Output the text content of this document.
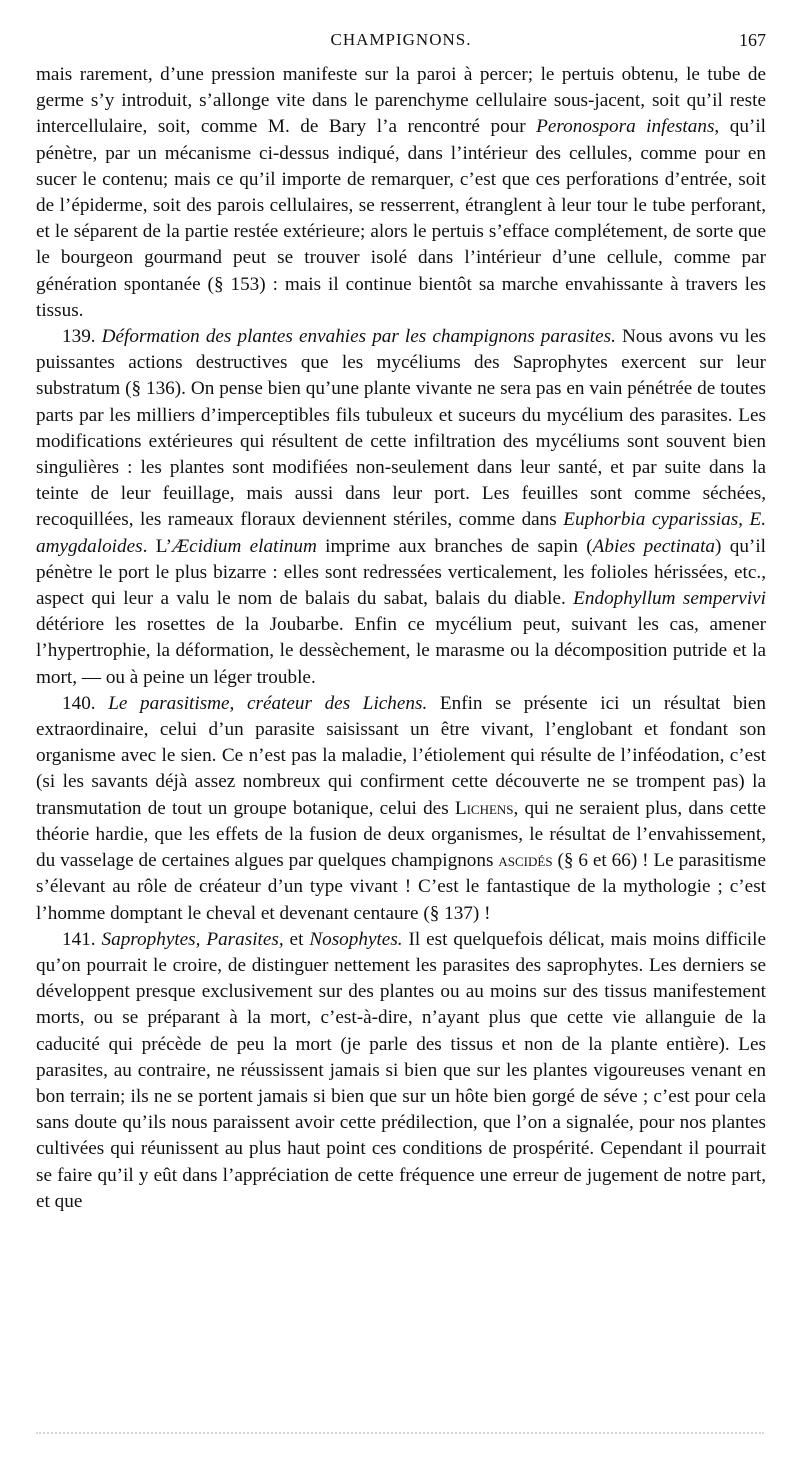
CHAMPIGNONS.	167

mais rarement, d’une pression manifeste sur la paroi à percer; le pertuis obtenu, le tube de germe s’y introduit, s’allonge vite dans le parenchyme cellulaire sous-jacent, soit qu’il reste intercellulaire, soit, comme M. de Bary l’a rencontré pour Peronospora infestans, qu’il pénètre, par un mécanisme ci-dessus indiqué, dans l’intérieur des cellules, comme pour en sucer le contenu; mais ce qu’il importe de remarquer, c’est que ces perforations d’entrée, soit de l’épiderme, soit des parois cellulaires, se resserrent, étranglent à leur tour le tube perforant, et le séparent de la partie restée extérieure; alors le pertuis s’efface complétement, de sorte que le bourgeon gourmand peut se trouver isolé dans l’intérieur d’une cellule, comme par génération spontanée (§ 153) : mais il continue bientôt sa marche envahissante à travers les tissus.

139. Déformation des plantes envahies par les champignons parasites. Nous avons vu les puissantes actions destructives que les mycéliums des Saprophytes exercent sur leur substratum (§ 136). On pense bien qu’une plante vivante ne sera pas en vain pénétrée de toutes parts par les milliers d’imperceptibles fils tubuleux et suceurs du mycélium des parasites. Les modifications extérieures qui résultent de cette infiltration des mycéliums sont souvent bien singulières : les plantes sont modifiées non-seulement dans leur santé, et par suite dans la teinte de leur feuillage, mais aussi dans leur port. Les feuilles sont comme séchées, recoquillées, les rameaux floraux deviennent stériles, comme dans Euphorbia cyparissias, E. amygdaloides. L’Æcidium elatinum imprime aux branches de sapin (Abies pectinata) qu’il pénètre le port le plus bizarre : elles sont redressées verticalement, les folioles hérissées, etc., aspect qui leur a valu le nom de balais du sabat, balais du diable. Endophyllum sempervivi détériore les rosettes de la Joubarbe. Enfin ce mycélium peut, suivant les cas, amener l’hypertrophie, la déformation, le dessèchement, le marasme ou la décomposition putride et la mort, — ou à peine un léger trouble.

140. Le parasitisme, créateur des Lichens. Enfin se présente ici un résultat bien extraordinaire, celui d’un parasite saisissant un être vivant, l’englobant et fondant son organisme avec le sien. Ce n’est pas la maladie, l’étiolement qui résulte de l’inféodation, c’est (si les savants déjà assez nombreux qui confirment cette découverte ne se trompent pas) la transmutation de tout un groupe botanique, celui des Lichens, qui ne seraient plus, dans cette théorie hardie, que les effets de la fusion de deux organismes, le résultat de l’envahissement, du vasselage de certaines algues par quelques champignons ascidés (§ 6 et 66) ! Le parasitisme s’élevant au rôle de créateur d’un type vivant ! C’est le fantastique de la mythologie ; c’est l’homme domptant le cheval et devenant centaure (§ 137) !

141. Saprophytes, Parasites, et Nosophytes. Il est quelquefois délicat, mais moins difficile qu’on pourrait le croire, de distinguer nettement les parasites des saprophytes. Les derniers se développent presque exclusivement sur des plantes ou au moins sur des tissus manifestement morts, ou se préparant à la mort, c’est-à-dire, n’ayant plus que cette vie allanguie de la caducité qui précède de peu la mort (je parle des tissus et non de la plante entière). Les parasites, au contraire, ne réussissent jamais si bien que sur les plantes vigoureuses venant en bon terrain; ils ne se portent jamais si bien que sur un hôte bien gorgé de séve ; c’est pour cela sans doute qu’ils nous paraissent avoir cette prédilection, que l’on a signalée, pour nos plantes cultivées qui réunissent au plus haut point ces conditions de prospérité. Cependant il pourrait se faire qu’il y eût dans l’appréciation de cette fréquence une erreur de jugement de notre part, et que
